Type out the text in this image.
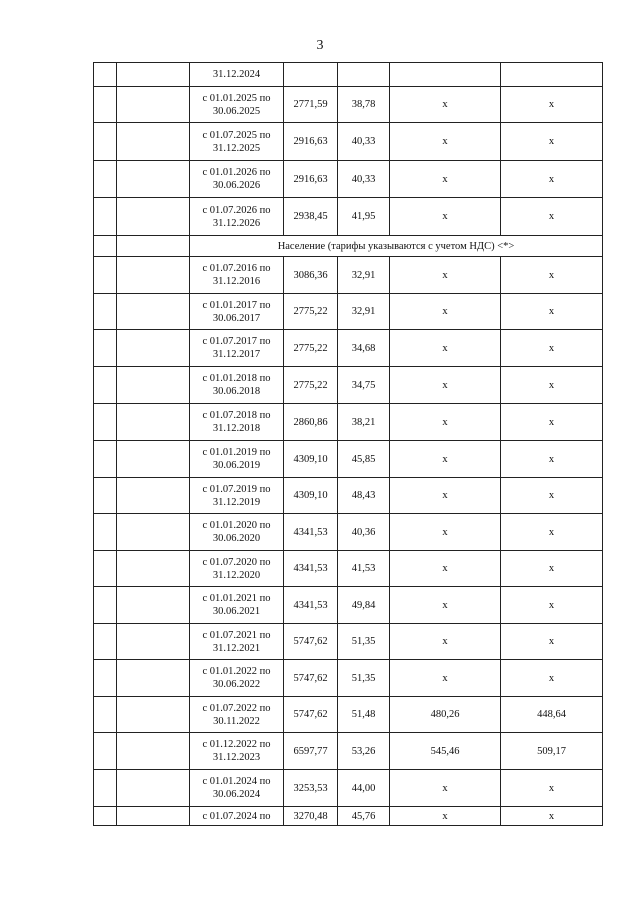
3
		31.12.2024				
		с 01.01.2025 по 30.06.2025	2771,59	38,78	х	х
		с 01.07.2025 по 31.12.2025	2916,63	40,33	х	х
		с 01.01.2026 по 30.06.2026	2916,63	40,33	х	х
		с 01.07.2026 по 31.12.2026	2938,45	41,95	х	х
		Население (тарифы указываются с учетом НДС) <*>				
		с 01.07.2016 по 31.12.2016	3086,36	32,91	х	х
		с 01.01.2017 по 30.06.2017	2775,22	32,91	х	х
		с 01.07.2017 по 31.12.2017	2775,22	34,68	х	х
		с 01.01.2018 по 30.06.2018	2775,22	34,75	х	х
		с 01.07.2018 по 31.12.2018	2860,86	38,21	х	х
		с 01.01.2019 по 30.06.2019	4309,10	45,85	х	х
		с 01.07.2019 по 31.12.2019	4309,10	48,43	х	х
		с 01.01.2020 по 30.06.2020	4341,53	40,36	х	х
		с 01.07.2020 по 31.12.2020	4341,53	41,53	х	х
		с 01.01.2021 по 30.06.2021	4341,53	49,84	х	х
		с 01.07.2021 по 31.12.2021	5747,62	51,35	х	х
		с 01.01.2022 по 30.06.2022	5747,62	51,35	х	х
		с 01.07.2022 по 30.11.2022	5747,62	51,48	480,26	448,64
		с 01.12.2022 по 31.12.2023	6597,77	53,26	545,46	509,17
		с 01.01.2024 по 30.06.2024	3253,53	44,00	х	х
		с 01.07.2024 по	3270,48	45,76	х	х
